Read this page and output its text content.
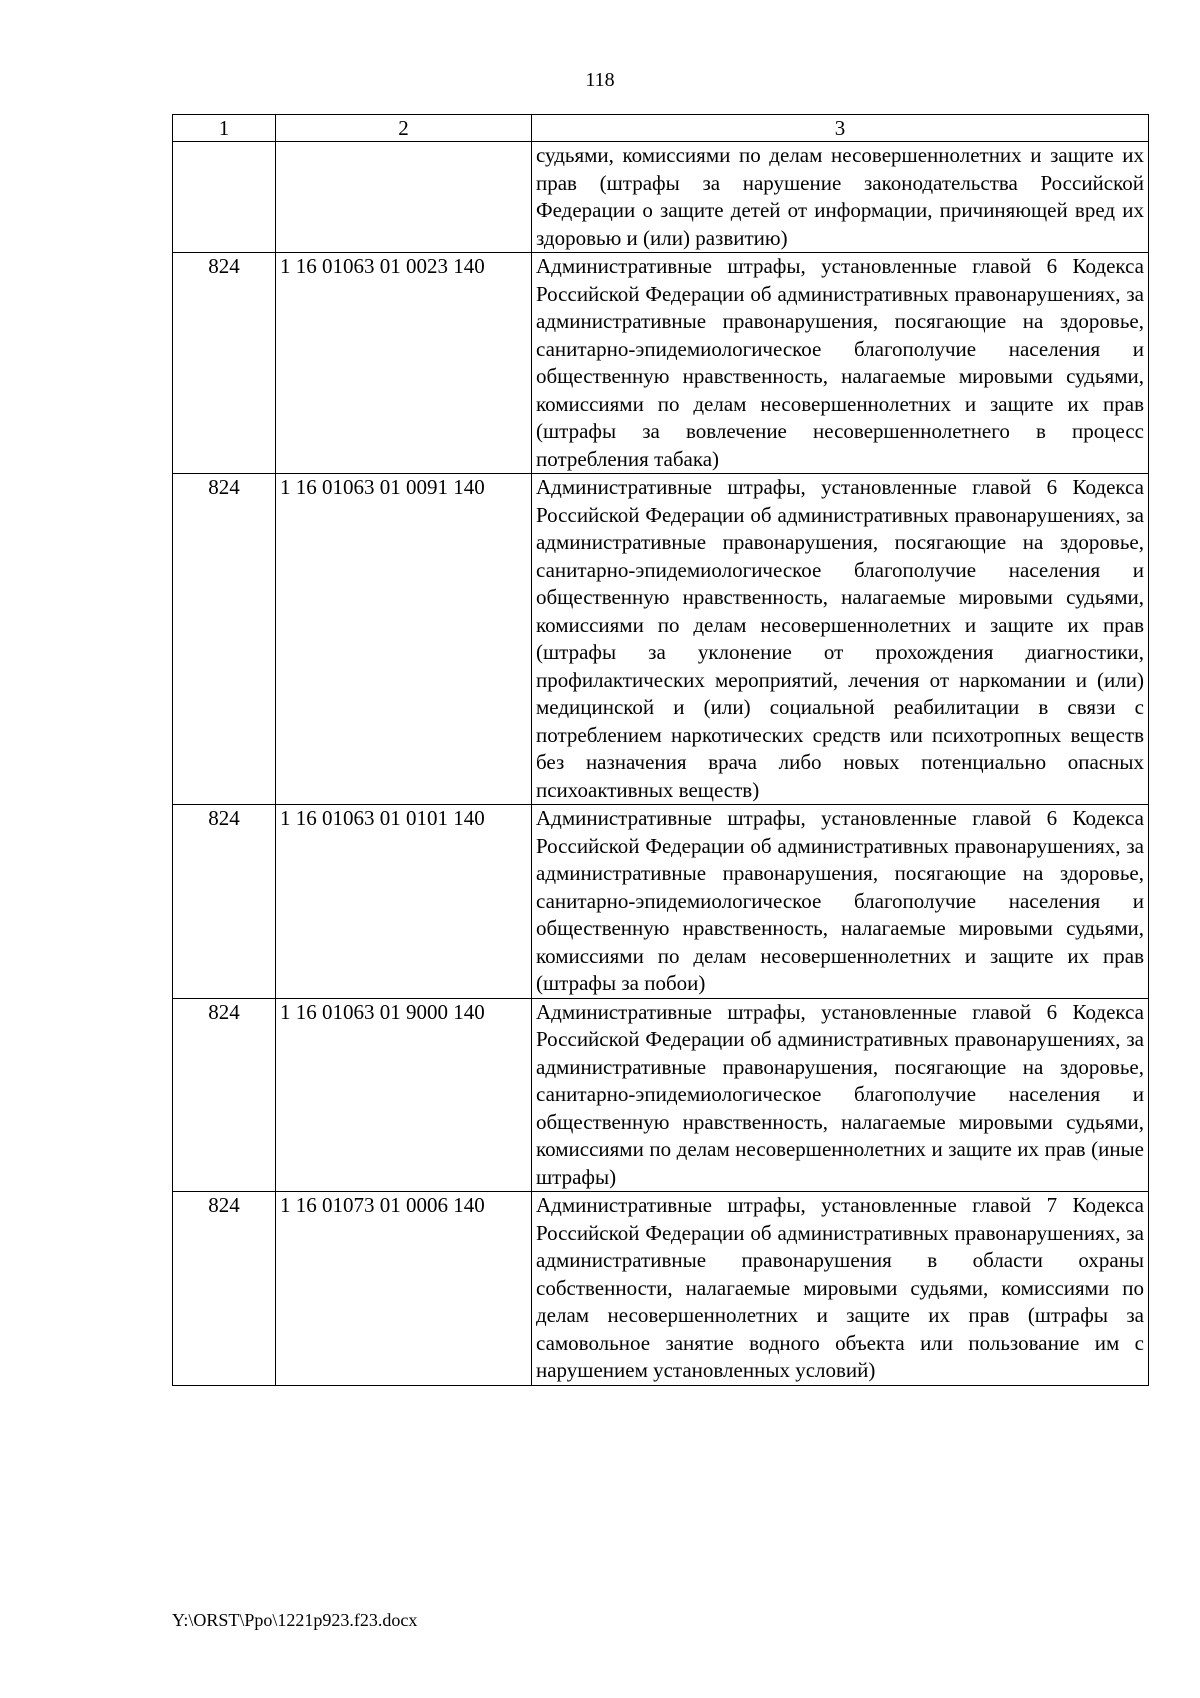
118
1	2	3
		судьями, комиссиями по делам несовершеннолетних и защите их прав (штрафы за нарушение законодательства Российской Федерации о защите детей от информации, причиняющей вред их здоровью и (или) развитию)
824	1 16 01063 01 0023 140	Административные штрафы, установленные главой 6 Кодекса Российской Федерации об административных правонарушениях, за административные правонарушения, посягающие на здоровье, санитарно-эпидемиологическое благополучие населения и общественную нравственность, налагаемые мировыми судьями, комиссиями по делам несовершеннолетних и защите их прав (штрафы за вовлечение несовершеннолетнего в процесс потребления табака)
824	1 16 01063 01 0091 140	Административные штрафы, установленные главой 6 Кодекса Российской Федерации об административных правонарушениях, за административные правонарушения, посягающие на здоровье, санитарно-эпидемиологическое благополучие населения и общественную нравственность, налагаемые мировыми судьями, комиссиями по делам несовершеннолетних и защите их прав (штрафы за уклонение от прохождения диагностики, профилактических мероприятий, лечения от наркомании и (или) медицинской и (или) социальной реабилитации в связи с потреблением наркотических средств или психотропных веществ без назначения врача либо новых потенциально опасных психоактивных веществ)
824	1 16 01063 01 0101 140	Административные штрафы, установленные главой 6 Кодекса Российской Федерации об административных правонарушениях, за административные правонарушения, посягающие на здоровье, санитарно-эпидемиологическое благополучие населения и общественную нравственность, налагаемые мировыми судьями, комиссиями по делам несовершеннолетних и защите их прав (штрафы за побои)
824	1 16 01063 01 9000 140	Административные штрафы, установленные главой 6 Кодекса Российской Федерации об административных правонарушениях, за административные правонарушения, посягающие на здоровье, санитарно-эпидемиологическое благополучие населения и общественную нравственность, налагаемые мировыми судьями, комиссиями по делам несовершеннолетних и защите их прав (иные штрафы)
824	1 16 01073 01 0006 140	Административные штрафы, установленные главой 7 Кодекса Российской Федерации об административных правонарушениях, за административные правонарушения в области охраны собственности, налагаемые мировыми судьями, комиссиями по делам несовершеннолетних и защите их прав (штрафы за самовольное занятие водного объекта или пользование им с нарушением установленных условий)
Y:\ORST\Ppo\1221p923.f23.docx
